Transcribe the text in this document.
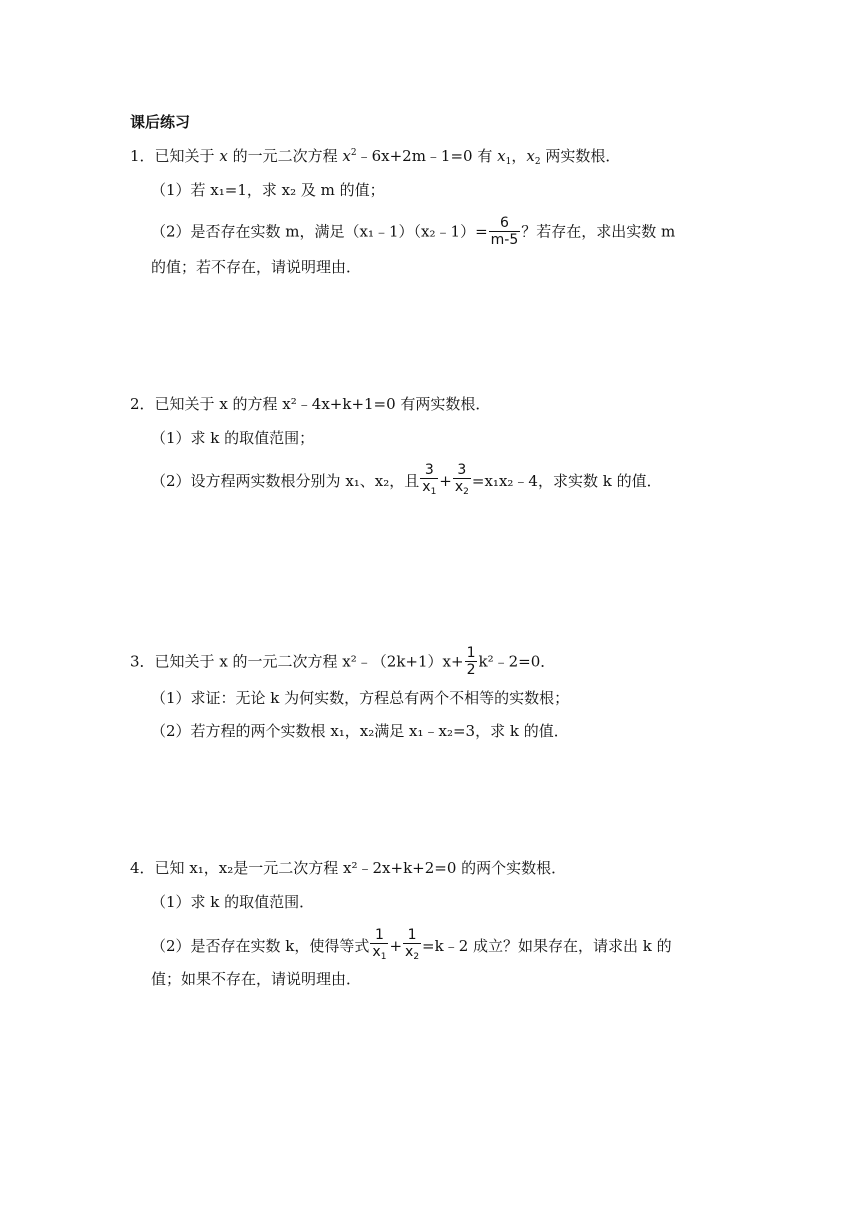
课后练习
1．已知关于 x 的一元二次方程 $x^2﹣6x+2m﹣1=0$ 有 $x_1$，$x_2$ 两实数根．
（1）若 x₁=1，求 x₂ 及 m 的值；
（2）是否存在实数 m，满足（x₁﹣1）（x₂﹣1）= $\frac{6}{m-5}$ ？若存在，求出实数 m
的值；若不存在，请说明理由．
2．已知关于 x 的方程 x²﹣4x+k+1=0 有两实数根．
（1）求 k 的取值范围；
（2）设方程两实数根分别为 x₁、x₂，且 $\frac{3}{x_1} + \frac{3}{x_2}$ =x₁x₂﹣4，求实数 k 的值．
3．已知关于 x 的一元二次方程 x²﹣（2k+1）x+ $\frac{1}{2}$ k²﹣2=0．
（1）求证：无论 k 为何实数，方程总有两个不相等的实数根；
（2）若方程的两个实数根 x₁，x₂满足 x₁﹣x₂=3，求 k 的值．
4．已知 x₁，x₂是一元二次方程 x²﹣2x+k+2=0 的两个实数根．
（1）求 k 的取值范围．
（2）是否存在实数 k，使得等式 $\frac{1}{x_1} + \frac{1}{x_2}$ =k﹣2 成立？如果存在，请求出 k 的
值；如果不存在，请说明理由．
